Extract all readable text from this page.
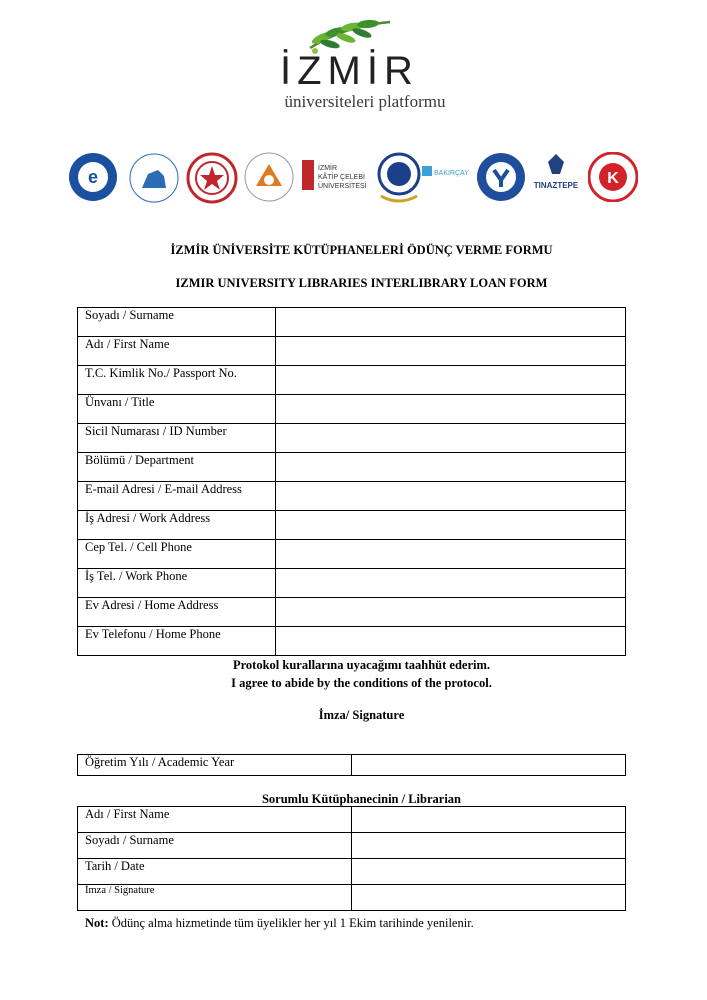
İZMİR
üniversiteleri platformu
e	İZMİR
KÂTİP ÇELEBİ
ÜNİVERSİTESİ
BAKIRÇAY
TINAZTEPE K
İZMİR ÜNİVERSİTE KÜTÜPHANELERİ ÖDÜNÇ VERME FORMU
IZMIR UNIVERSITY LIBRARIES INTERLIBRARY LOAN FORM
Soyadı / Surname	
Adı / First Name	
T.C. Kimlik No./ Passport No.	
Ünvanı / Title	
Sicil Numarası / ID Number	
Bölümü / Department	
E-mail Adresi / E-mail Address	
İş Adresi / Work Address	
Cep Tel. / Cell Phone	
İş Tel. / Work Phone	
Ev Adresi / Home Address	
Ev Telefonu / Home Phone	
Protokol kurallarına uyacağımı taahhüt ederim.
I agree to abide by the conditions of the protocol.
İmza/ Signature
Öğretim Yılı / Academic Year	
Sorumlu Kütüphanecinin / Librarian
Adı / First Name	
Soyadı / Surname	
Tarih / Date	
İmza / Signature	
Not: Ödünç alma hizmetinde tüm üyelikler her yıl 1 Ekim tarihinde yenilenir.
